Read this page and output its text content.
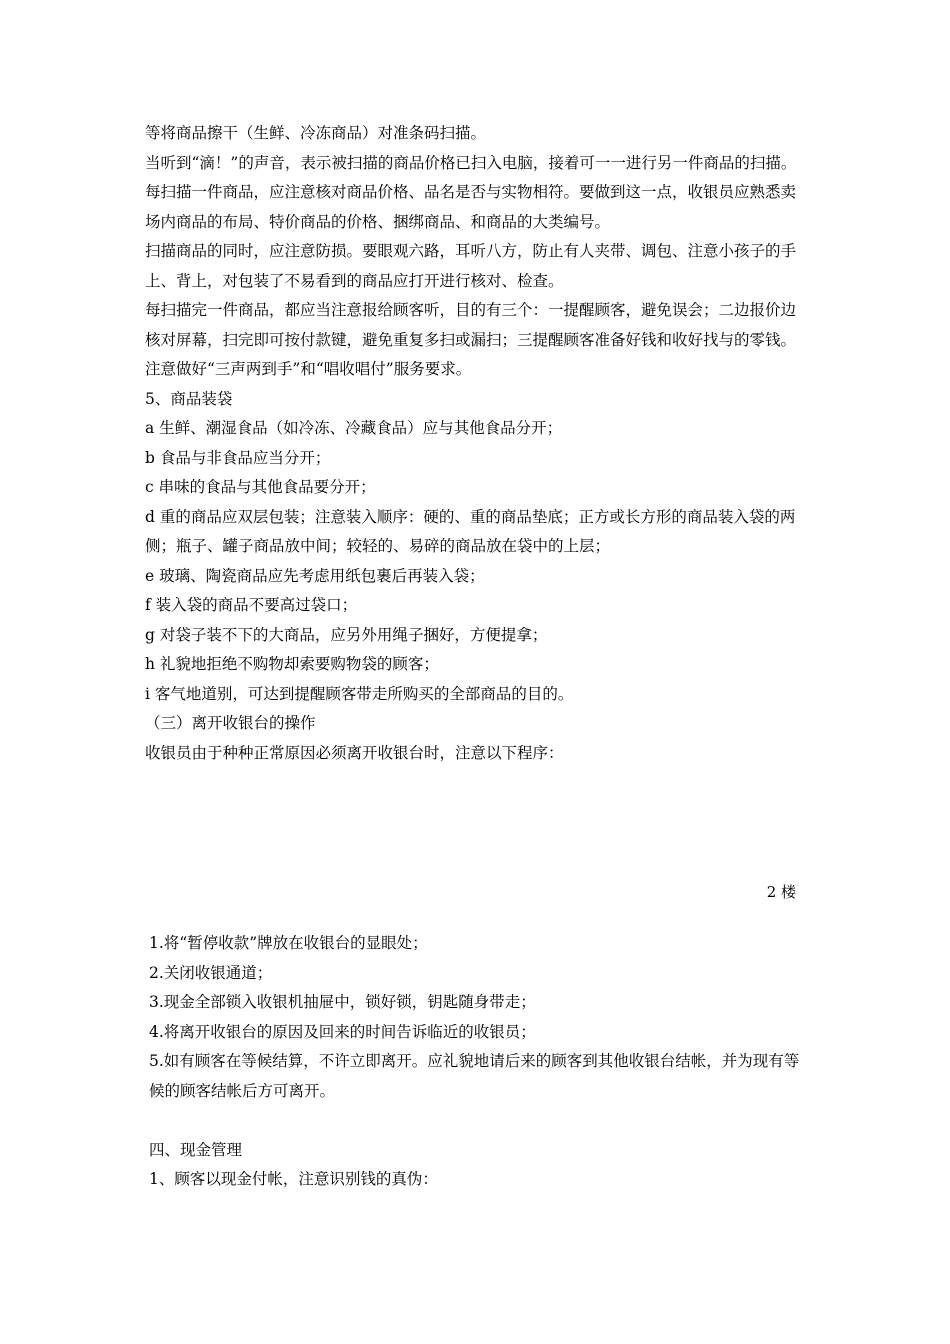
等将商品擦干（生鲜、冷冻商品）对准条码扫描。

当听到“滴！”的声音，表示被扫描的商品价格已扫入电脑，接着可一一进行另一件商品的扫描。

每扫描一件商品，应注意核对商品价格、品名是否与实物相符。要做到这一点，收银员应熟悉卖场内商品的布局、特价商品的价格、捆绑商品、和商品的大类编号。

扫描商品的同时，应注意防损。要眼观六路，耳听八方，防止有人夹带、调包、注意小孩子的手上、背上，对包装了不易看到的商品应打开进行核对、检查。

每扫描完一件商品，都应当注意报给顾客听，目的有三个：一提醒顾客，避免误会；二边报价边核对屏幕，扫完即可按付款键，避免重复多扫或漏扫；三提醒顾客准备好钱和收好找与的零钱。

注意做好“三声两到手”和“唱收唱付”服务要求。

5、商品装袋

a 生鲜、潮湿食品（如冷冻、冷藏食品）应与其他食品分开；

b 食品与非食品应当分开；

c 串味的食品与其他食品要分开；

d 重的商品应双层包装；注意装入顺序：硬的、重的商品垫底；正方或长方形的商品装入袋的两侧；瓶子、罐子商品放中间；较轻的、易碎的商品放在袋中的上层；

e 玻璃、陶瓷商品应先考虑用纸包裹后再装入袋；

f 装入袋的商品不要高过袋口；

g 对袋子装不下的大商品，应另外用绳子捆好，方便提拿；

h 礼貌地拒绝不购物却索要购物袋的顾客；

i 客气地道别，可达到提醒顾客带走所购买的全部商品的目的。

（三）离开收银台的操作

收银员由于种种正常原因必须离开收银台时，注意以下程序：

2 楼

1.将“暂停收款”牌放在收银台的显眼处；

2.关闭收银通道；

3.现金全部锁入收银机抽屉中，锁好锁，钥匙随身带走；

4.将离开收银台的原因及回来的时间告诉临近的收银员；

5.如有顾客在等候结算，不许立即离开。应礼貌地请后来的顾客到其他收银台结帐，并为现有等候的顾客结帐后方可离开。

四、现金管理

1、顾客以现金付帐，注意识别钱的真伪：
